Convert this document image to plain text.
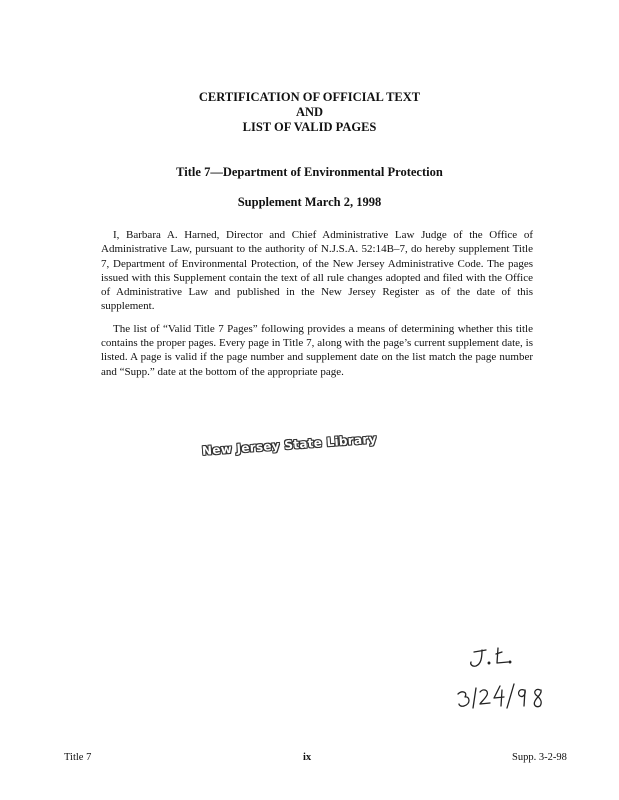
CERTIFICATION OF OFFICIAL TEXT
AND
LIST OF VALID PAGES
Title 7—Department of Environmental Protection
Supplement March 2, 1998

I, Barbara A. Harned, Director and Chief Administrative Law Judge of the Office of Administrative Law, pursuant to the authority of N.J.S.A. 52:14B–7, do hereby supplement Title 7, Department of Environmental Protection, of the New Jersey Administrative Code. The pages issued with this Supplement contain the text of all rule changes adopted and filed with the Office of Administrative Law and published in the New Jersey Register as of the date of this supplement.

The list of “Valid Title 7 Pages” following provides a means of determining whether this title contains the proper pages. Every page in Title 7, along with the page’s current supplement date, is listed. A page is valid if the page number and supplement date on the list match the page number and “Supp.” date at the bottom of the appropriate page.

New Jersey State Library
Title 7	ix	Supp. 3-2-98
